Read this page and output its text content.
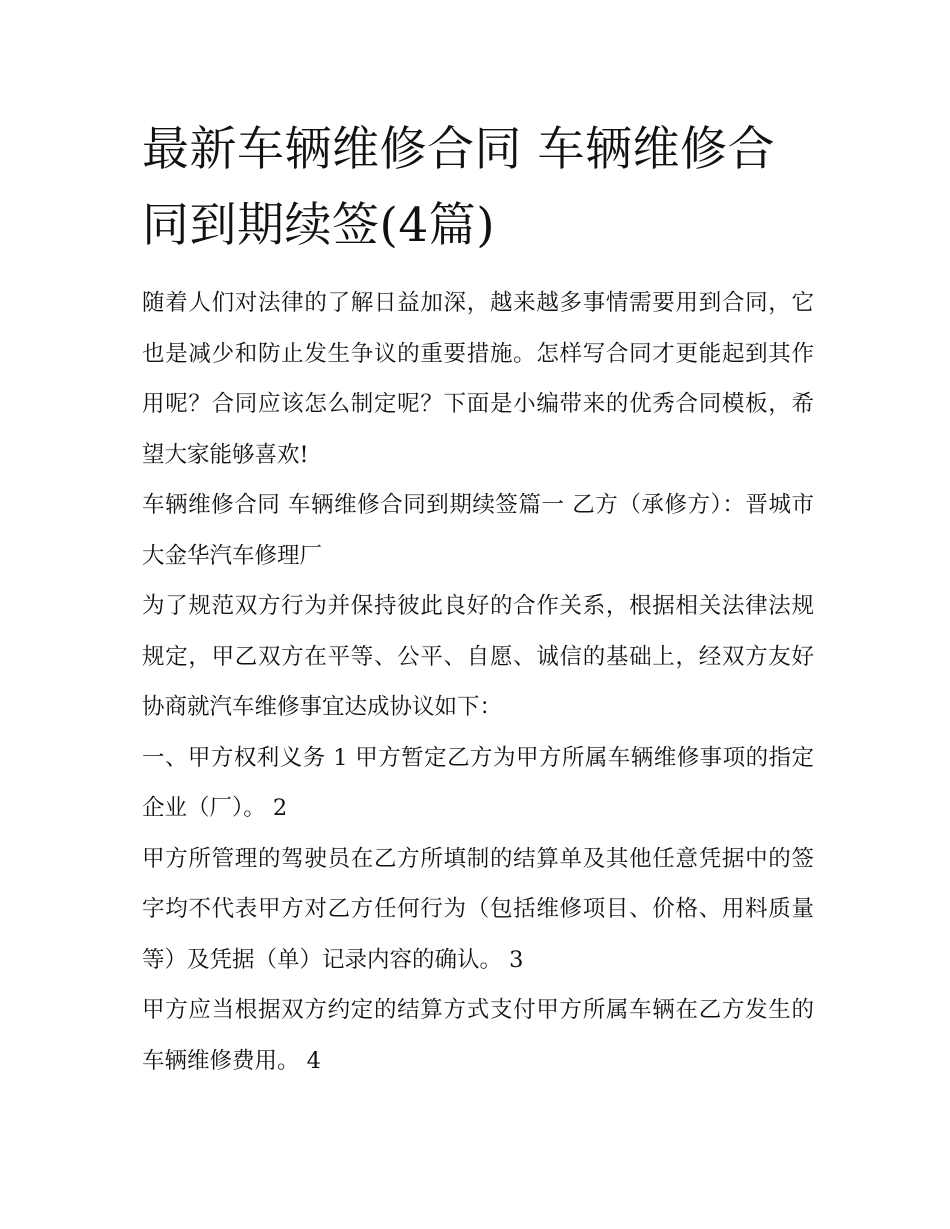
最新车辆维修合同 车辆维修合同到期续签(4篇)

随着人们对法律的了解日益加深，越来越多事情需要用到合同，它也是减少和防止发生争议的重要措施。怎样写合同才更能起到其作用呢？合同应该怎么制定呢？下面是小编带来的优秀合同模板，希望大家能够喜欢!

车辆维修合同 车辆维修合同到期续签篇一 乙方（承修方）：晋城市大金华汽车修理厂

为了规范双方行为并保持彼此良好的合作关系，根据相关法律法规规定，甲乙双方在平等、公平、自愿、诚信的基础上，经双方友好协商就汽车维修事宜达成协议如下：

一、甲方权利义务 1 甲方暂定乙方为甲方所属车辆维修事项的指定企业（厂）。 2

甲方所管理的驾驶员在乙方所填制的结算单及其他任意凭据中的签字均不代表甲方对乙方任何行为（包括维修项目、价格、用料质量等）及凭据（单）记录内容的确认。 3

甲方应当根据双方约定的结算方式支付甲方所属车辆在乙方发生的车辆维修费用。 4
